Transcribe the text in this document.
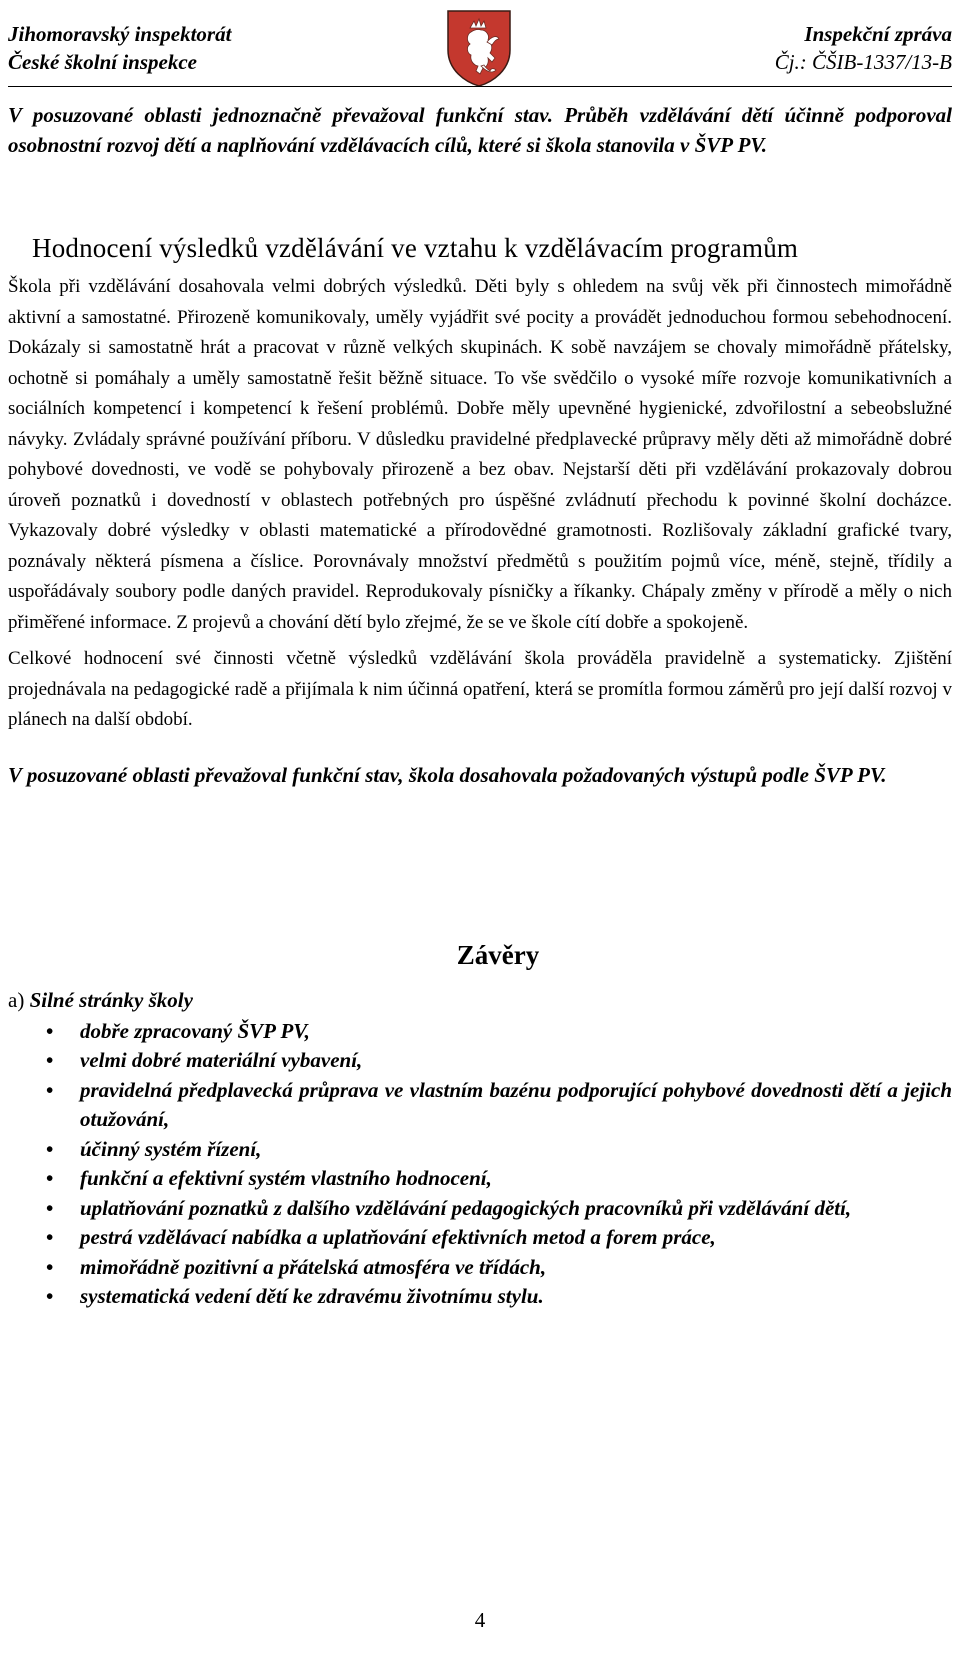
Jihomoravský inspektorát
České školní inspekce
Inspekční zpráva
Čj.: ČŠIB-1337/13-B

V posuzované oblasti jednoznačně převažoval funkční stav. Průběh vzdělávání dětí účinně podporoval osobnostní rozvoj dětí a naplňování vzdělávacích cílů, které si škola stanovila v ŠVP PV.

Hodnocení výsledků vzdělávání ve vztahu k vzdělávacím programům

Škola při vzdělávání dosahovala velmi dobrých výsledků. Děti byly s ohledem na svůj věk při činnostech mimořádně aktivní a samostatné. Přirozeně komunikovaly, uměly vyjádřit své pocity a provádět jednoduchou formou sebehodnocení. Dokázaly si samostatně hrát a pracovat v různě velkých skupinách. K sobě navzájem se chovaly mimořádně přátelsky, ochotně si pomáhaly a uměly samostatně řešit běžně situace. To vše svědčilo o vysoké míře rozvoje komunikativních a sociálních kompetencí i kompetencí k řešení problémů. Dobře měly upevněné hygienické, zdvořilostní a sebeobslužné návyky. Zvládaly správné používání příboru. V důsledku pravidelné předplavecké průpravy měly děti až mimořádně dobré pohybové dovednosti, ve vodě se pohybovaly přirozeně a bez obav. Nejstarší děti při vzdělávání prokazovaly dobrou úroveň poznatků i dovedností v oblastech potřebných pro úspěšné zvládnutí přechodu k povinné školní docházce. Vykazovaly dobré výsledky v oblasti matematické a přírodovědné gramotnosti. Rozlišovaly základní grafické tvary, poznávaly některá písmena a číslice. Porovnávaly množství předmětů s použitím pojmů více, méně, stejně, třídily a uspořádávaly soubory podle daných pravidel. Reprodukovaly písničky a říkanky. Chápaly změny v přírodě a měly o nich přiměřené informace. Z projevů a chování dětí bylo zřejmé, že se ve škole cítí dobře a spokojeně.

Celkové hodnocení své činnosti včetně výsledků vzdělávání škola prováděla pravidelně a systematicky. Zjištění projednávala na pedagogické radě a přijímala k nim účinná opatření, která se promítla formou záměrů pro její další rozvoj v plánech na další období.

V posuzované oblasti převažoval funkční stav, škola dosahovala požadovaných výstupů podle ŠVP PV.

Závěry

a) Silné stránky školy

• dobře zpracovaný ŠVP PV,
• velmi dobré materiální vybavení,
• pravidelná předplavecká průprava ve vlastním bazénu podporující pohybové dovednosti dětí a jejich otužování,
• účinný systém řízení,
• funkční a efektivní systém vlastního hodnocení,
• uplatňování poznatků z dalšího vzdělávání pedagogických pracovníků při vzdělávání dětí,
• pestrá vzdělávací nabídka a uplatňování efektivních metod a forem práce,
• mimořádně pozitivní a přátelská atmosféra ve třídách,
• systematická vedení dětí ke zdravému životnímu stylu.
4
